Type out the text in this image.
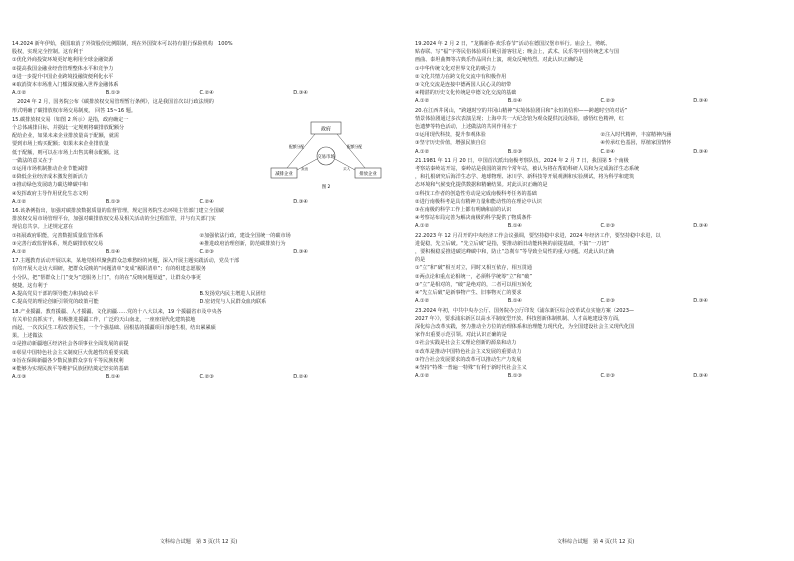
14.2024 新年伊始，我国取消了外资股份比例限制，现在外国资本可以持有银行保险机构　100%
股权，实现完全控制。这有利于
①优化外商投资环境更好地利用全球金融资源
②提高我国金融业经营管理整体水平和竞争力
③进一步提升中国企业跨境投融资便利化水平
④取消资本市场准入门槛深度融入世界金融体系
A.①②	B.①③	C.②④	D.③④
　2024 年 2 月，国务院公布《碳排放权交易管理暂行条例》，这是我国首次以行政法规的
形式明确了碳排放权市场交易制度。 回答 15~16 题。
政府
交易市场
减排企业	排放企业
配额分配	配额分配
卖出	买入
图 2
15.碳排放权交易（如图 2 所示）是指，政府确定一
个总体减排目标，并据此一定规则将碳排放配额分
配给企业，如果未来企业排放量高于配额，就需
要到市场上购买配额；如果未来企业排放量
低于配额，则可以在市场上出售其剩余配额。这
一做法的意义在于
①运用市场机制推动企业节能减排
②降低企业经济成本激发创新活力
③推动绿色发展助力碳达峰碳中和
④发挥政府主导作用优化生态文明
A.①②	B.①③	C.②④	D.③④
16.该条例指出，加强对碳排放数据质量的监督管理，规定国务院生态环境主管部门建立全国碳
排放权交易市场管理平台，加强对碳排放权交易及相关活动的全过程监管，并与有关部门实
现信息共享。上述规定意在
①拓展政府职能，完善数据质量监管体系	②加强依法行政，建设全国统一的碳市场
③完善行政监督体系，规范碳排放权交易	④推进政府治理创新，防范碳排放行为
A.①②	B.①④	C.②③	D.③④
17.主题教育活动开展以来，某地党组织聚焦群众急难愁盼的问题，深入开展主题实践活动，党员干部
有的开展大走访大调研，把群众反映的“问题清单”变成“履职清单”；有的组建志愿服务
小分队，把“帮群众上门”变为“送服务上门”，有的在“反映问题渠道”，让群众办事更
便捷。这有利于
A.提高党员干部的领导能力和执政水平	B.发扬党内民主增进人民团结
C.提高党的理论创新引领党的政策可能	D.密切党与人民群众血肉联系
18.产业援疆、教育援疆、人才援疆、文化润疆……党的十八大以来，19 个援疆省市及中央各
有关单位真抓实干，积极推进援疆工作，广泛的天山南北，一座座现代化建筑拔地
而起，一次次民生工程改善民生，一个个强基础、固根基的援疆项目落地生根，结出累累硕
果。上述做法
①是推动新疆地区经济社会各项事业全面发展的前提
②彰显中国特色社会主义制度巨大优越性的重要实践
③旨在保障新疆各少数民族群众享有平等民族权利
④能够为实现民族平等维护民族团结奠定坚实的基础
A.①③	B.①④	C.②③	D.②④
文科综合试题　第 3 页(共 12 页)
19.2024 年 2 月 2 日，“龙腾新春·欢乐春节”活动在德国汉堡市举行。庙会上，剪纸、
贴春联、写“福”字等民俗体验项目吸引游客驻足；晚会上，武术、民乐等中国传统艺术与国
画曲、泰坦曲舞等古典乐作品同台上演，观众反响热烈。对此认识正确的是
①中华传统文化对世界文化的吸引力
②文化共情力在跨文化交流中有积极作用
③文化交流是连接中德两国人民心灵的纽带
④精湛的历史文化传统是中德文化交流的基础
A.①②	B.①④	C.②③	D.③④
20.在江西井冈山，“跨越时空的井冈山精神”实境体验剧目和“永恒的信仰——跨越时空的对话”
情景体验剧通过多次表演呈现；上海中共一大纪念馆为观众提供沉浸体验，感悟红色精神，红
色遗梦等特色活动，上述做法的共同作用在于
①运用现代科技，提升参观体验	②注入时代精神，丰富精神内涵
③坚守历史价值，增强民族自信	④传承红色基因，厚植家国情怀
A.①②	B.①③	C.②④	D.③④
21.1981 年 11 月 20 日，中国首次派出南极考察队伍。2024 年 2 月 7 日，我国第 5 个南极
考察站秦岭站开站，秦岭站是我国的第四个常年站，被认为将在帮助科研人员和为完成海洋生态系统
，和扎根研究后海洋生态学、地球物理、冰川学、新科技等开展观测和实验测试，将为科学和建筑
态环境和气候变化提供数据和精确结果。对此认识正确的是
①科技工作者的创造性劳动是完成南极科考任务的基础
②进行南极科考是具有精神力量和能动性的在理论中认识
③在南极的科学工作上都有明确和前的认识
④考察站布局完善为解决南极的科学提供了物质条件
A.①②	B.①④	C.②③	D.③④
22.2023 年 12 月召开的中央经济工作会议强调，要坚持稳中求进，2024 年经济工作，要坚持稳中求进，以
进促稳，先立后破。“先立后破”是指，要推动新旧动能转换的前提基础，不搞“一刀切”
，要积极稳妥推进碳达峰碳中和，防止“急刹车”等导致全局性的重大问题。对此认识正确
的是
①“立”和“破”相互对立，同时又相互依存，相互贯通
②两点论和重点论相统一，必须科学统筹“立”和“破”
③“立”是相对的，“破”是绝对的，二者可以相互转化
④“先立后破”是新事物产生、旧事物灭亡的要求
A.①②	B.①④	C.②③	D.③④
23.2024 年初，中共中央办公厅、国务院办公厅印发《浦东新区综合改革试点实施方案（2023—
2027 年）》，要求浦东新区以高水平制度型开放、科技创新体制机制、人才高地建设等方面，
深化综合改革实践，努力推动全方位的治理体系和治理能力现代化，为全国建设社会主义现代化国
家作出重要示范引领。对此认识正确的是
①社会实践是社会主义理论创新的源泉和动力
②改革是推动中国特色社会主义发展的重要动力
③符合社会发展要求的改革可以推动生产力发展
④坚持“特殊一普遍一特殊”有利于新时代社会主义
A.①②	B.①③	C.②③	D.③④
文科综合试题　第 4 页(共 12 页)
